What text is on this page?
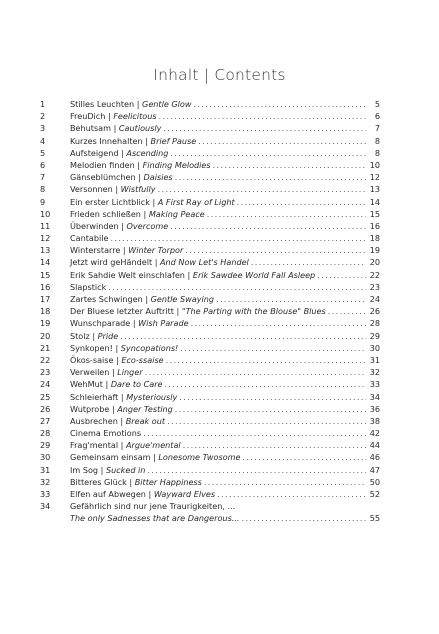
Inhalt | Contents
1	Stilles Leuchten | Gentle Glow . . .	5
2	FreuDich | Feelicitous . . .	6
3	Behutsam | Cautiously . . .	7
4	Kurzes Innehalten | Brief Pause . . .	8
5	Aufsteigend | Ascending . . .	8
6	Melodien finden | Finding Melodies . . .	10
7	Gänseblümchen | Daisies . . .	12
8	Versonnen | Wistfully . . .	13
9	Ein erster Lichtblick | A First Ray of Light . . .	14
10	Frieden schließen | Making Peace . . .	15
11	Überwinden | Overcome . . .	16
12	Cantabile . . .	18
13	Winterstarre | Winter Torpor . . .	19
14	Jetzt wird geHändelt | And Now Let's Handel . . .	20
15	Erik Sahdie Welt einschlafen | Erik Sawdee World Fall Asleep . . .	22
16	Slapstick . . .	23
17	Zartes Schwingen | Gentle Swaying . . .	24
18	Der Bluese letzter Auftritt | "The Parting with the Blouse" Blues . . .	26
19	Wunschparade | Wish Parade . . .	28
20	Stolz | Pride . . .	29
21	Synkopen! | Syncopations! . . .	30
22	Ökos-saise | Eco-ssaise . . .	31
23	Verweilen | Linger . . .	32
24	WehMut | Dare to Care . . .	33
25	Schleierhaft | Mysteriously . . .	34
26	Wutprobe | Anger Testing . . .	36
27	Ausbrechen | Break out . . .	38
28	Cinema Emotions . . .	42
29	Frag'mental | Argue'mental . . .	44
30	Gemeinsam einsam | Lonesome Twosome . . .	46
31	Im Sog | Sucked in . . .	47
32	Bitteres Glück | Bitter Happiness . . .	50
33	Elfen auf Abwegen | Wayward Elves . . .	52
34	Gefährlich sind nur jene Traurigkeiten, ...
The only Sadnesses that are Dangerous... . . .	55
